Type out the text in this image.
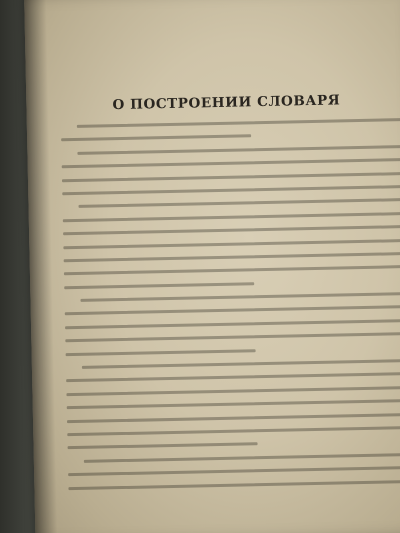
О ПОСТРОЕНИИ СЛОВАРЯ
